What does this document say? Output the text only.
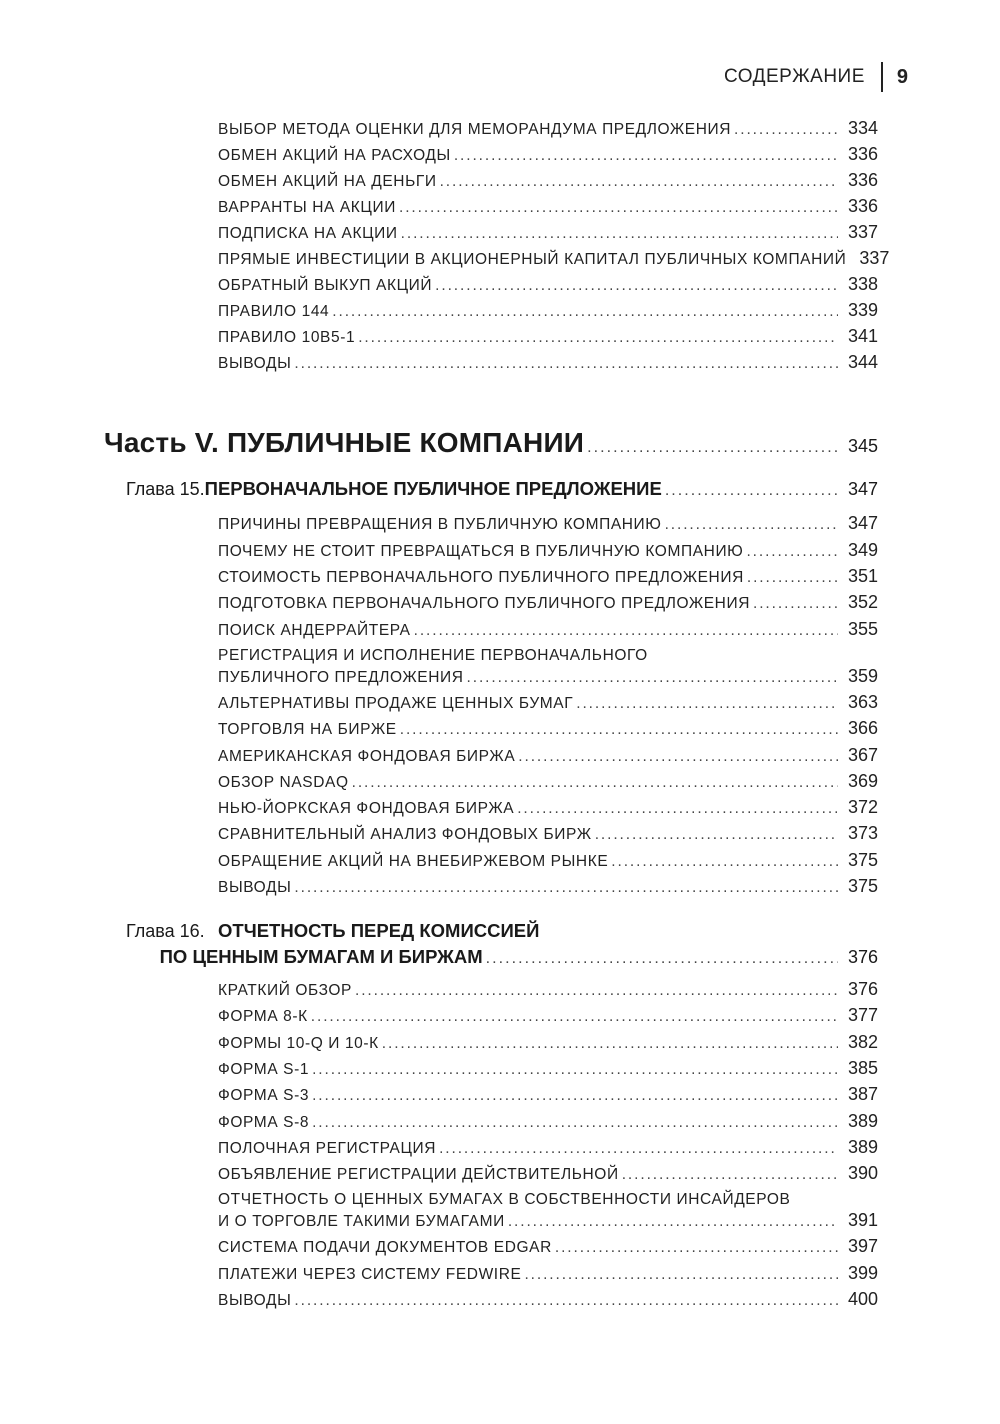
СОДЕРЖАНИЕ 9
ВЫБОР МЕТОДА ОЦЕНКИ ДЛЯ МЕМОРАНДУМА ПРЕДЛОЖЕНИЯ . . .	334
ОБМЕН АКЦИЙ НА РАСХОДЫ . . .	336
ОБМЕН АКЦИЙ НА ДЕНЬГИ . . .	336
ВАРРАНТЫ НА АКЦИИ . . .	336
ПОДПИСКА НА АКЦИИ . . .	337
ПРЯМЫЕ ИНВЕСТИЦИИ В АКЦИОНЕРНЫЙ КАПИТАЛ ПУБЛИЧНЫХ КОМПАНИЙ 337
ОБРАТНЫЙ ВЫКУП АКЦИЙ . . .	338
ПРАВИЛО 144 . . .	339
ПРАВИЛО 10B5-1 . . .	341
ВЫВОДЫ . . .	344
Часть V. ПУБЛИЧНЫЕ КОМПАНИИ . . .	345
Глава 15. ПЕРВОНАЧАЛЬНОЕ ПУБЛИЧНОЕ ПРЕДЛОЖЕНИЕ . . .	347
ПРИЧИНЫ ПРЕВРАЩЕНИЯ В ПУБЛИЧНУЮ КОМПАНИЮ . . .	347
ПОЧЕМУ НЕ СТОИТ ПРЕВРАЩАТЬСЯ В ПУБЛИЧНУЮ КОМПАНИЮ . . .	349
СТОИМОСТЬ ПЕРВОНАЧАЛЬНОГО ПУБЛИЧНОГО ПРЕДЛОЖЕНИЯ . . .	351
ПОДГОТОВКА ПЕРВОНАЧАЛЬНОГО ПУБЛИЧНОГО ПРЕДЛОЖЕНИЯ . . .	352
ПОИСК АНДЕРРАЙТЕРА . . .	355
РЕГИСТРАЦИЯ И ИСПОЛНЕНИЕ ПЕРВОНАЧАЛЬНОГО
ПУБЛИЧНОГО ПРЕДЛОЖЕНИЯ . . .	359
АЛЬТЕРНАТИВЫ ПРОДАЖЕ ЦЕННЫХ БУМАГ . . .	363
ТОРГОВЛЯ НА БИРЖЕ . . .	366
АМЕРИКАНСКАЯ ФОНДОВАЯ БИРЖА . . .	367
ОБЗОР NASDAQ . . .	369
НЬЮ-ЙОРКСКАЯ ФОНДОВАЯ БИРЖА . . .	372
СРАВНИТЕЛЬНЫЙ АНАЛИЗ ФОНДОВЫХ БИРЖ . . .	373
ОБРАЩЕНИЕ АКЦИЙ НА ВНЕБИРЖЕВОМ РЫНКЕ . . .	375
ВЫВОДЫ . . .	375
Глава 16. ОТЧЕТНОСТЬ ПЕРЕД КОМИССИЕЙ
ПО ЦЕННЫМ БУМАГАМ И БИРЖАМ . . .	376
КРАТКИЙ ОБЗОР . . .	376
ФОРМА 8-К . . .	377
ФОРМЫ 10-Q И 10-К . . .	382
ФОРМА S-1 . . .	385
ФОРМА S-3 . . .	387
ФОРМА S-8 . . .	389
ПОЛОЧНАЯ РЕГИСТРАЦИЯ . . .	389
ОБЪЯВЛЕНИЕ РЕГИСТРАЦИИ ДЕЙСТВИТЕЛЬНОЙ . . .	390
ОТЧЕТНОСТЬ О ЦЕННЫХ БУМАГАХ В СОБСТВЕННОСТИ ИНСАЙДЕРОВ
И О ТОРГОВЛЕ ТАКИМИ БУМАГАМИ . . .	391
СИСТЕМА ПОДАЧИ ДОКУМЕНТОВ EDGAR . . .	397
ПЛАТЕЖИ ЧЕРЕЗ СИСТЕМУ FEDWIRE . . .	399
ВЫВОДЫ . . .	400
